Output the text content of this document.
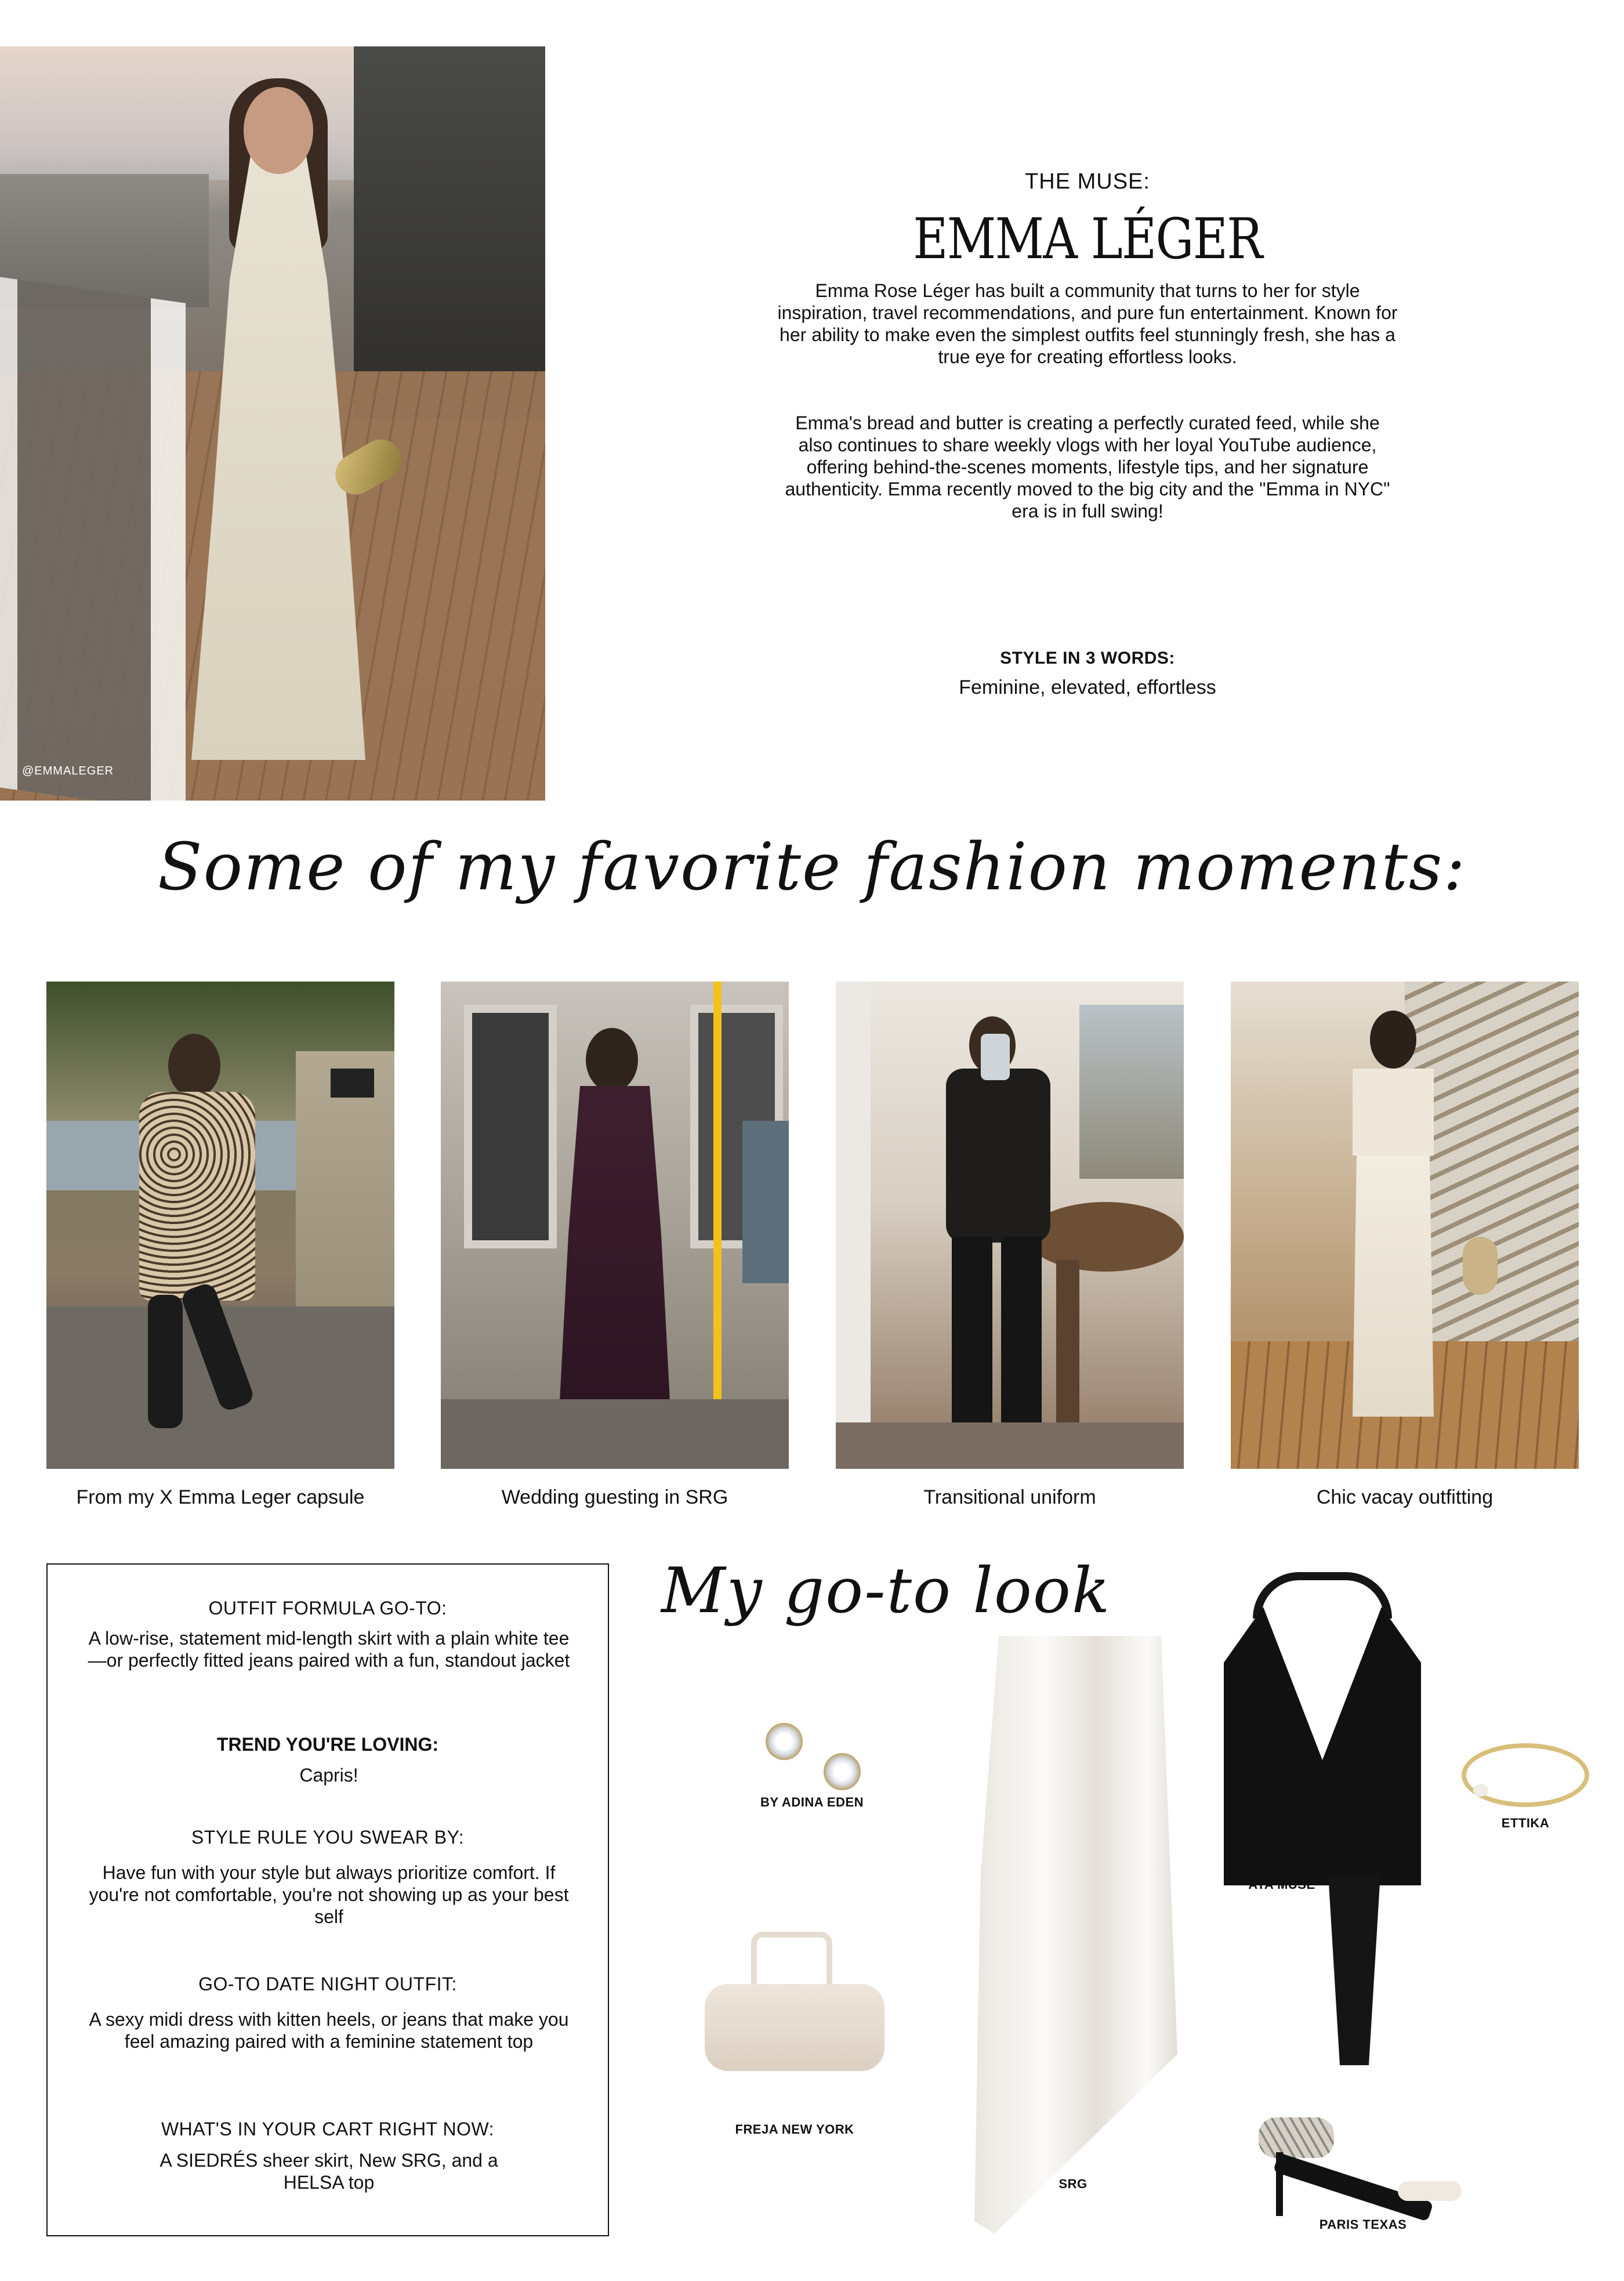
@EMMALEGER
THE MUSE:
EMMA LÉGER

Emma Rose Léger has built a community that turns to her for style inspiration, travel recommendations, and pure fun entertainment. Known for her ability to make even the simplest outfits feel stunningly fresh, she has a true eye for creating effortless looks.

Emma's bread and butter is creating a perfectly curated feed, while she also continues to share weekly vlogs with her loyal YouTube audience, offering behind-the-scenes moments, lifestyle tips, and her signature authenticity. Emma recently moved to the big city and the "Emma in NYC" era is in full swing!

STYLE IN 3 WORDS:
Feminine, elevated, effortless
Some of my favorite fashion moments:
From my X Emma Leger capsule	Wedding guesting in SRG	Transitional uniform	Chic vacay outfitting
OUTFIT FORMULA GO-TO:
A low-rise, statement mid-length skirt with a plain white tee—or perfectly fitted jeans paired with a fun, standout jacket
TREND YOU'RE LOVING:
Capris!
STYLE RULE YOU SWEAR BY:
Have fun with your style but always prioritize comfort. If you're not comfortable, you're not showing up as your best self
GO-TO DATE NIGHT OUTFIT:
A sexy midi dress with kitten heels, or jeans that make you feel amazing paired with a feminine statement top
WHAT'S IN YOUR CART RIGHT NOW:
A SIEDRÉS sheer skirt, New SRG, and a HELSA top
My go-to look
BY ADINA EDEN
FREJA NEW YORK
SRG
AYA MUSE
ETTIKA
PARIS TEXAS
